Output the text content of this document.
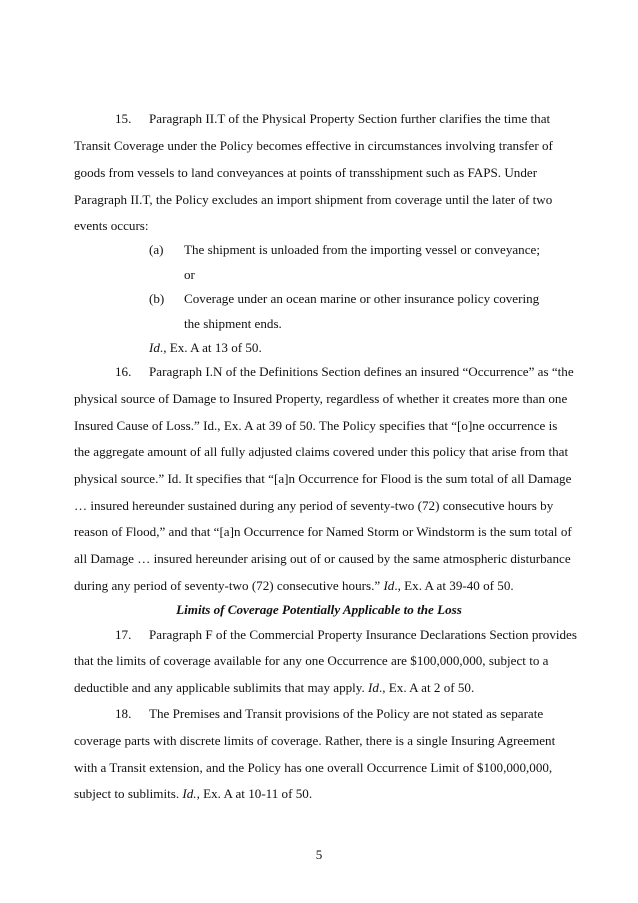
15. Paragraph II.T of the Physical Property Section further clarifies the time that
Transit Coverage under the Policy becomes effective in circumstances involving transfer of
goods from vessels to land conveyances at points of transshipment such as FAPS. Under
Paragraph II.T, the Policy excludes an import shipment from coverage until the later of two
events occurs:
(a) The shipment is unloaded from the importing vessel or conveyance;
or
(b) Coverage under an ocean marine or other insurance policy covering
the shipment ends.
Id., Ex. A at 13 of 50.
16. Paragraph I.N of the Definitions Section defines an insured “Occurrence” as “the
physical source of Damage to Insured Property, regardless of whether it creates more than one
Insured Cause of Loss.” Id., Ex. A at 39 of 50. The Policy specifies that “[o]ne occurrence is
the aggregate amount of all fully adjusted claims covered under this policy that arise from that
physical source.” Id. It specifies that “[a]n Occurrence for Flood is the sum total of all Damage
… insured hereunder sustained during any period of seventy-two (72) consecutive hours by
reason of Flood,” and that “[a]n Occurrence for Named Storm or Windstorm is the sum total of
all Damage … insured hereunder arising out of or caused by the same atmospheric disturbance
during any period of seventy-two (72) consecutive hours.” Id., Ex. A at 39-40 of 50.
Limits of Coverage Potentially Applicable to the Loss
17. Paragraph F of the Commercial Property Insurance Declarations Section provides
that the limits of coverage available for any one Occurrence are $100,000,000, subject to a
deductible and any applicable sublimits that may apply. Id., Ex. A at 2 of 50.
18. The Premises and Transit provisions of the Policy are not stated as separate
coverage parts with discrete limits of coverage. Rather, there is a single Insuring Agreement
with a Transit extension, and the Policy has one overall Occurrence Limit of $100,000,000,
subject to sublimits. Id., Ex. A at 10-11 of 50.
5
